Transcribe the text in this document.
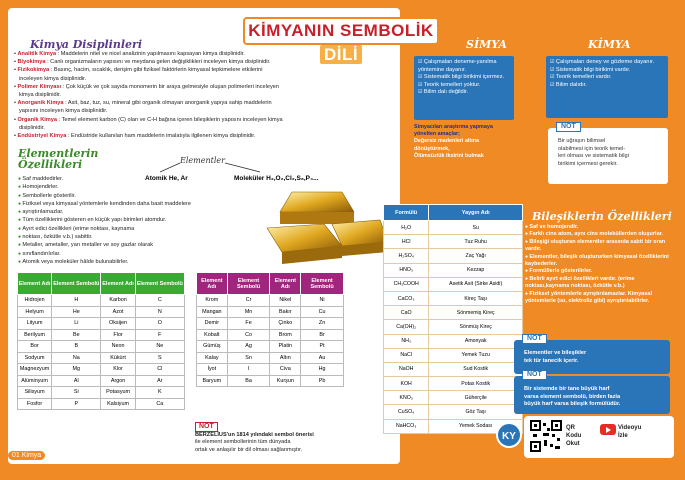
KİMYANIN SEMBOLİK DİLİ
Kimya Disiplinleri
• Analitik Kimya : Maddelerin nitel ve nicel analizinin yapılmasını kapsayan kimya disiplinidir.
• Biyokimya : Canlı organizmaların yapısını ve meydana gelen değişiklikleri inceleyen kimya disiplinidir.
• Fizikokimya : Basınç, hacim, sıcaklık, derişim gibi fiziksel faktörlerin kimyasal tepkimelere etkilerini
inceleyen kimya disiplinidir.
• Polimer Kimyası : Çok küçük ve çok sayıda monomerin bir araya gelmesiyle oluşan polimerleri inceleyen
kimya disiplinidir.
• Anorganik Kimya : Asit, baz, tuz, su, mineral gibi organik olmayan anorganik yapıya sahip maddelerin
yapısını inceleyen kimya disiplinidir.
• Organik Kimya : Temel element karbon (C) olan ve C-H bağına içeren bileşiklerin yapısını inceleyen kimya
disiplinidir.
• Endüstriyel Kimya : Endüstride kullanılan ham maddelerin imalatıyla ilgilenen kimya disiplinidir.
Elementlerin
Özellikleri	Elementler
Atomik He, Ar	Moleküler H₂,O₂,Cl₂,S₈,P₄...
● Saf maddedirler.
● Homojendirler.
● Sembollerle gösterilir.
● Fiziksel veya kimyasal yöntemlerle kendinden daha basit maddelere
● ayrıştırılamazlar.
● Tüm özelliklerini gösteren en küçük yapı birimleri atomdur.
● Ayırt edici özellikleri (erime noktası, kaynama
● noktası, özkütle v.b.) sabittir.
● Metaller, ametaller, yarı metaller ve soy gazlar olarak
● sınıflandırılırlar.
● Atomik veya moleküler hâlde bulunabilirler.
Element Adı	Element Sembolü	Element Adı	Element Sembolü
Hidrojen	H	Karbon	C
Helyum	He	Azot	N
Lityum	Li	Oksijen	O
Berilyum	Be	Flor	F
Bor	B	Neon	Ne
Sodyum	Na	Kükürt	S
Magnezyum	Mg	Klor	Cl
Alüminyum	Al	Argon	Ar
Silisyum	Si	Potasyum	K
Fosfor	P	Kalsiyum	Ca
Element Adı	Element Sembolü	Element Adı	Element Sembolü
Krom	Cr	Nikel	Ni
Mangan	Mn	Bakır	Cu
Demir	Fe	Çinko	Zn
Kobalt	Co	Brom	Br
Gümüş	Ag	Platin	Pt
Kalay	Sn	Altın	Au
İyot	I	Civa	Hg
Baryum	Ba	Kurşun	Pb
NOT
BERZELİUS'un 1814 yılındaki sembol önerisi
ile element sembollerinin tüm dünyada
ortak ve anlaşılır bir dil olması sağlanmıştır.
01 Kimya
SİMYA	KİMYA
☑ Çalışmaları deneme-yanılma yöntemine dayanır.
☑ Sistematik bilgi birikimi içermez.
☑ Teorik temelleri yoktur.
☑ Bilim dalı değildir.
☑ Çalışmaları deney ve gözleme dayanır.
☑ Sistematik bilgi birikimi vardır.
☑ Teorik temelleri vardır.
☑ Bilim dalıdır.
Simyacıları araştırma yapmaya
yönelten amaçlar;
Değersiz madenleri altına
dönüştürmek,
Ölümsüzlük iksirini bulmak
NOT
Bir uğraşın bilimsel
olabilmesi için teorik temel-
leri olması ve sistematik bilgi
birikimi içermesi gerekir.
Formülü	Yaygın Adı
H₂O	Su
HCl	Tuz Ruhu
H₂SO₄	Zaç Yağı
HNO₃	Kezzap
CH₃COOH	Asetik Asit (Sirke Asidi)
CaCO₃	Kireç Taşı
CaO	Sönmemiş Kireç
Ca(OH)₂	Sönmüş Kireç
NH₃	Amonyak
NaCl	Yemek Tuzu
NaOH	Sud Kostik
KOH	Potas Kostik
KNO₃	Güherçile
CuSO₄	Göz Taşı
NaHCO₃	Yemek Sodası
Bileşiklerin Özellikleri
● Saf ve homojendir.
● Farklı cins atom, aynı cins moleküllerden oluşurlar.
● Bileşiği oluşturan elementler arasında sabit bir oran vardır.
● Elementler, bileşik oluştururken kimyasal özelliklerini kaybederler.
● Formüllerle gösterilirler.
● Belirli ayırt edici özellikleri vardır. (erime noktası,kaynama noktası, özkütle v.b.)
● Fiziksel yöntemlerle ayrıştırılamazlar. Kimyasal yöntemlerle (ısı, elektroliz gibi) ayrıştırılabilirler.
NOT
Elementler ve bileşikler
tek tür tanecik içerir.
NOT
Bir sistemde bir tane büyük harf
varsa element sembolü, birden fazla
büyük harf varsa bileşik formülüdür.
KY
QR
Kodu
Okut
Videoyu
İzle
